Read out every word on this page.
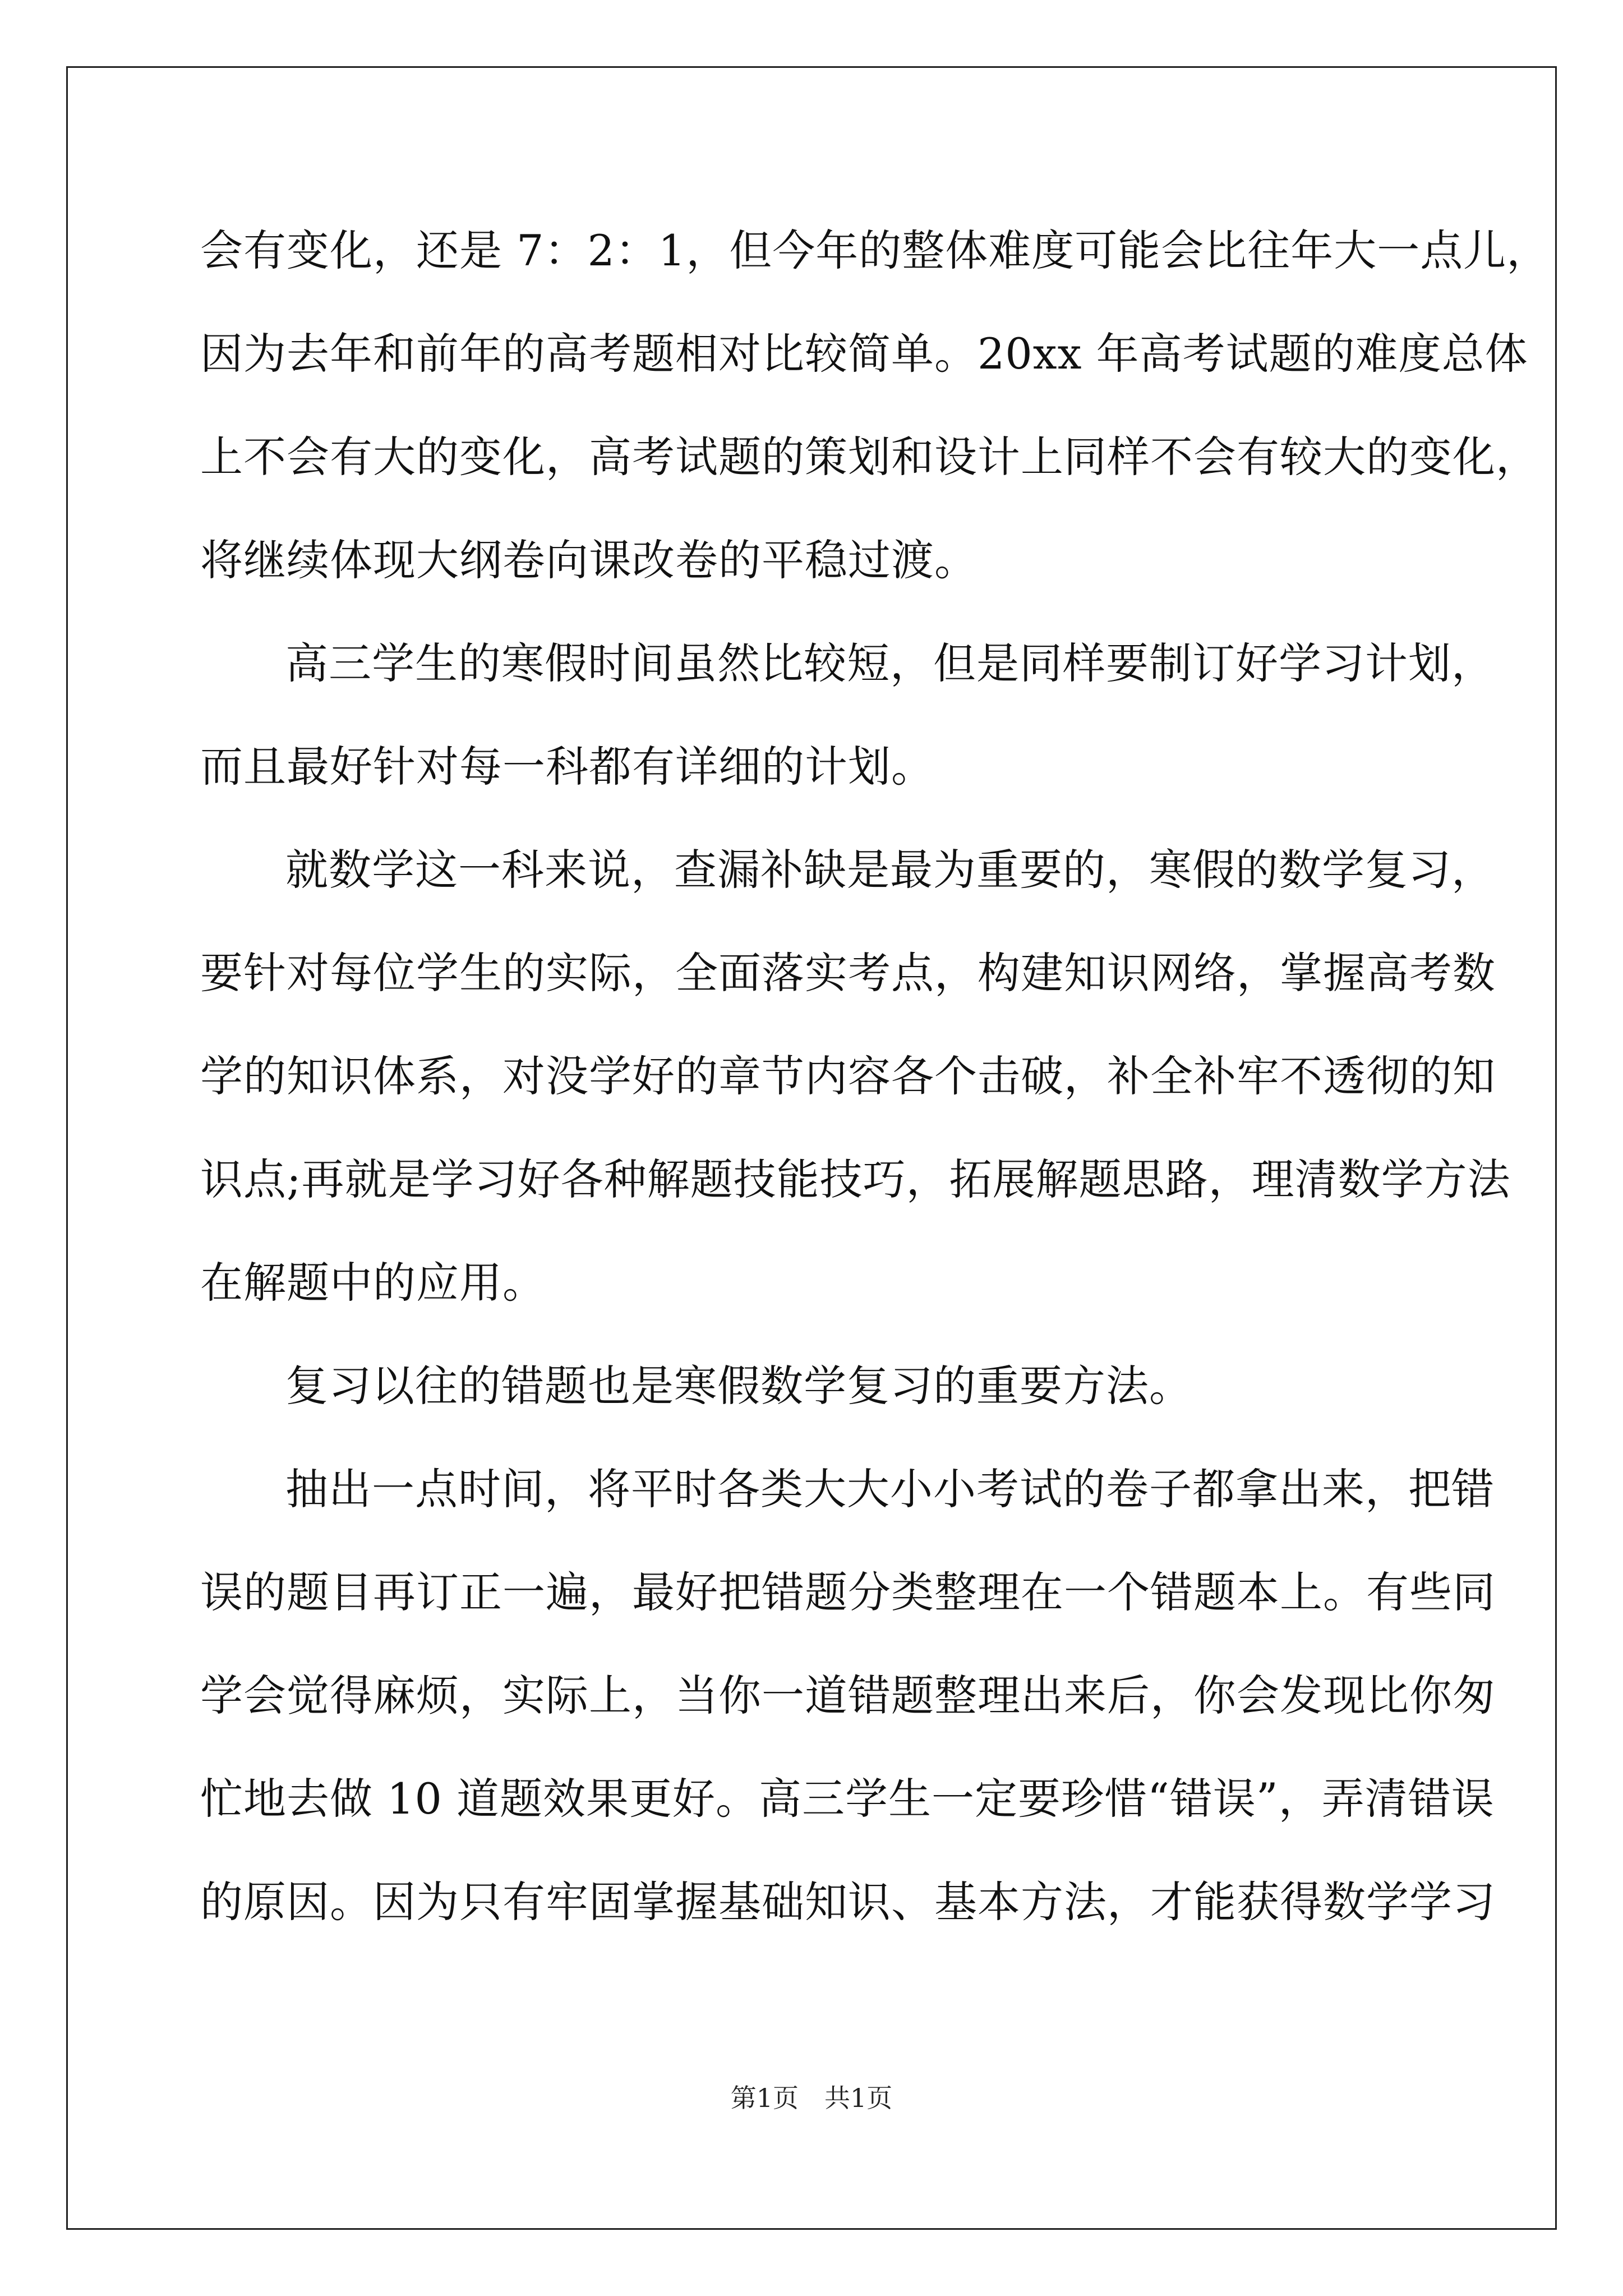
会有变化，还是 7：2：1，但今年的整体难度可能会比往年大一点儿，
因为去年和前年的高考题相对比较简单。20xx 年高考试题的难度总体
上不会有大的变化，高考试题的策划和设计上同样不会有较大的变化，
将继续体现大纲卷向课改卷的平稳过渡。
高三学生的寒假时间虽然比较短，但是同样要制订好学习计划，
而且最好针对每一科都有详细的计划。
就数学这一科来说，查漏补缺是最为重要的，寒假的数学复习，
要针对每位学生的实际，全面落实考点，构建知识网络，掌握高考数
学的知识体系，对没学好的章节内容各个击破，补全补牢不透彻的知
识点;再就是学习好各种解题技能技巧，拓展解题思路，理清数学方法
在解题中的应用。
复习以往的错题也是寒假数学复习的重要方法。
抽出一点时间，将平时各类大大小小考试的卷子都拿出来，把错
误的题目再订正一遍，最好把错题分类整理在一个错题本上。有些同
学会觉得麻烦，实际上，当你一道错题整理出来后，你会发现比你匆
忙地去做 10 道题效果更好。高三学生一定要珍惜“错误”，弄清错误
的原因。因为只有牢固掌握基础知识、基本方法，才能获得数学学习
第1页　共1页
